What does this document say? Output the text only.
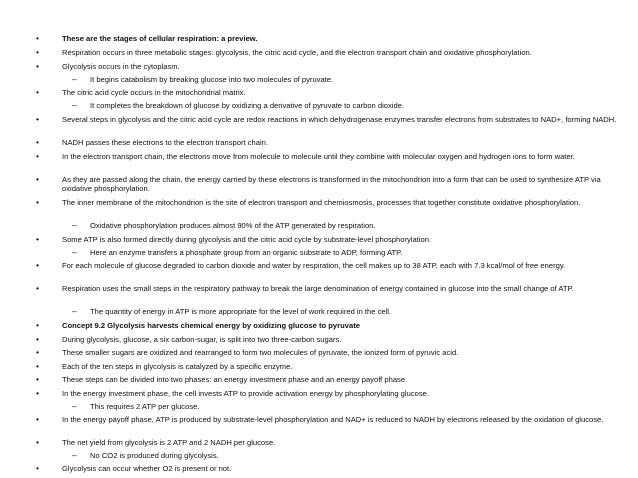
•	These are the stages of cellular respiration: a preview.
•	Respiration occurs in three metabolic stages: glycolysis, the citric acid cycle, and the electron transport chain and oxidative phosphorylation.
•	Glycolysis occurs in the cytoplasm.
– It begins catabolism by breaking glucose into two molecules of pyruvate.
•	The citric acid cycle occurs in the mitochondrial matrix.
– It completes the breakdown of glucose by oxidizing a derivative of pyruvate to carbon dioxide.
•	Several steps in glycolysis and the citric acid cycle are redox reactions in which dehydrogenase enzymes transfer electrons from substrates to NAD+, forming NADH.
•	NADH passes these electrons to the electron transport chain.
•	In the electron transport chain, the electrons move from molecule to molecule until they combine with molecular oxygen and hydrogen ions to form water.
•	As they are passed along the chain, the energy carried by these electrons is transformed in the mitochondrion into a form that can be used to synthesize ATP via oxidative phosphorylation.
•	The inner membrane of the mitochondrion is the site of electron transport and chemiosmosis, processes that together constitute oxidative phosphorylation.
– Oxidative phosphorylation produces almost 90% of the ATP generated by respiration.
•	Some ATP is also formed directly during glycolysis and the citric acid cycle by substrate-level phosphorylation.
– Here an enzyme transfers a phosphate group from an organic substrate to ADP, forming ATP.
•	For each molecule of glucose degraded to carbon dioxide and water by respiration, the cell makes up to 38 ATP, each with 7.3 kcal/mol of free energy.
•	Respiration uses the small steps in the respiratory pathway to break the large denomination of energy contained in glucose into the small change of ATP.
– The quantity of energy in ATP is more appropriate for the level of work required in the cell.
•	Concept 9.2 Glycolysis harvests chemical energy by oxidizing glucose to pyruvate
•	During glycolysis, glucose, a six carbon-sugar, is split into two three-carbon sugars.
•	These smaller sugars are oxidized and rearranged to form two molecules of pyruvate, the ionized form of pyruvic acid.
•	Each of the ten steps in glycolysis is catalyzed by a specific enzyme.
•	These steps can be divided into two phases: an energy investment phase and an energy payoff phase.
•	In the energy investment phase, the cell invests ATP to provide activation energy by phosphorylating glucose.
– This requires 2 ATP per glucose.
•	In the energy payoff phase, ATP is produced by substrate-level phosphorylation and NAD+ is reduced to NADH by electrons released by the oxidation of glucose.
•	The net yield from glycolysis is 2 ATP and 2 NADH per glucose.
– No CO2 is produced during glycolysis.
•	Glycolysis can occur whether O2 is present or not.
